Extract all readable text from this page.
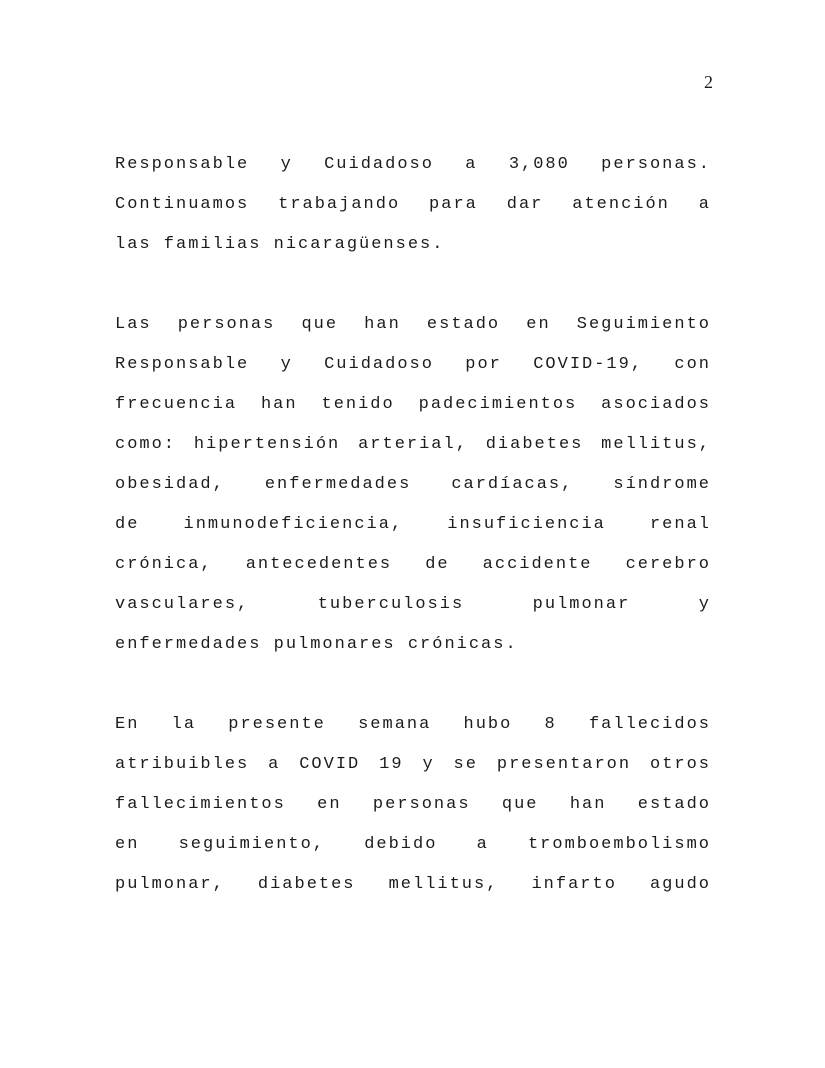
2
Responsable y Cuidadoso a 3,080 personas.
Continuamos trabajando para dar atención a
las familias nicaragüenses.
Las personas que han estado en Seguimiento
Responsable y Cuidadoso por COVID-19, con
frecuencia han tenido padecimientos asociados
como: hipertensión arterial, diabetes mellitus,
obesidad, enfermedades cardíacas, síndrome
de inmunodeficiencia, insuficiencia renal
crónica, antecedentes de accidente cerebro
vasculares, tuberculosis pulmonar y
enfermedades pulmonares crónicas.
En la presente semana hubo 8 fallecidos
atribuibles a COVID 19 y se presentaron otros
fallecimientos en personas que han estado
en seguimiento, debido a tromboembolismo
pulmonar, diabetes mellitus, infarto agudo
